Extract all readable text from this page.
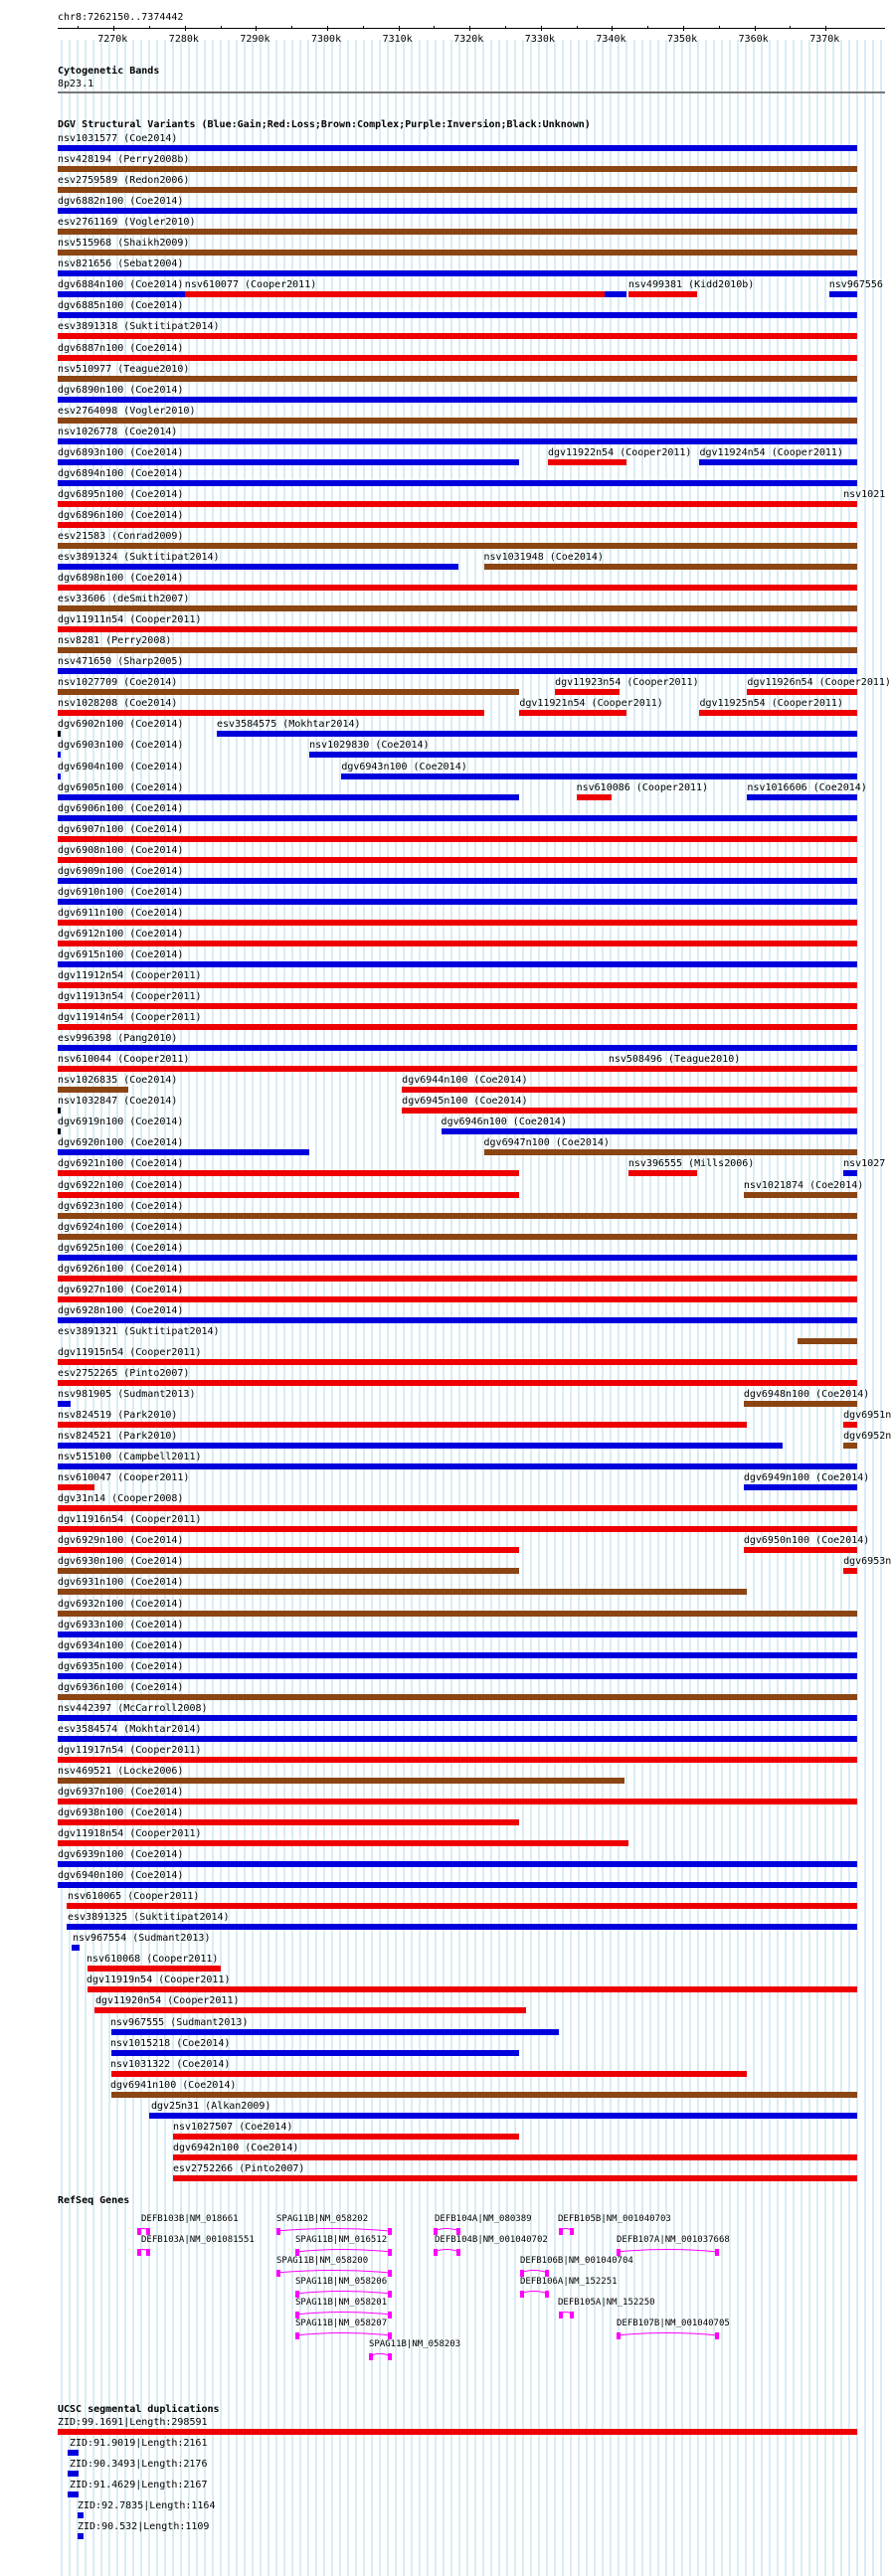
chr8:7262150..7374442
7270k	7280k	7290k	7300k	7310k	7320k	7330k	7340k	7350k	7360k	7370k
Cytogenetic Bands
8p23.1
DGV Structural Variants (Blue:Gain;Red:Loss;Brown:Complex;Purple:Inversion;Black:Unknown)
nsv1031577 (Coe2014)
nsv428194 (Perry2008b)
esv2759589 (Redon2006)
dgv6882n100 (Coe2014)
esv2761169 (Vogler2010)
nsv515968 (Shaikh2009)
nsv821656 (Sebat2004)
dgv6884n100 (Coe2014) nsv610077 (Cooper2011)	nsv499381 (Kidd2010b)	nsv967556
dgv6885n100 (Coe2014)
esv3891318 (Suktitipat2014)
dgv6887n100 (Coe2014)
nsv510977 (Teague2010)
dgv6890n100 (Coe2014)
esv2764098 (Vogler2010)
nsv1026778 (Coe2014)
dgv6893n100 (Coe2014)	dgv11922n54 (Cooper2011) dgv11924n54 (Cooper2011)
dgv6894n100 (Coe2014)
dgv6895n100 (Coe2014)	nsv1021
dgv6896n100 (Coe2014)
esv21583 (Conrad2009)
esv3891324 (Suktitipat2014)	nsv1031948 (Coe2014)
dgv6898n100 (Coe2014)
esv33606 (deSmith2007)
dgv11911n54 (Cooper2011)
nsv8281 (Perry2008)
nsv471650 (Sharp2005)
nsv1027709 (Coe2014)	dgv11923n54 (Cooper2011)	dgv11926n54 (Cooper2011)
nsv1028208 (Coe2014)	dgv11921n54 (Cooper2011)	dgv11925n54 (Cooper2011)
dgv6902n100 (Coe2014)	esv3584575 (Mokhtar2014)
dgv6903n100 (Coe2014)	nsv1029830 (Coe2014)
dgv6904n100 (Coe2014)	dgv6943n100 (Coe2014)
dgv6905n100 (Coe2014)	nsv610086 (Cooper2011)	nsv1016606 (Coe2014)
dgv6906n100 (Coe2014)
dgv6907n100 (Coe2014)
dgv6908n100 (Coe2014)
dgv6909n100 (Coe2014)
dgv6910n100 (Coe2014)
dgv6911n100 (Coe2014)
dgv6912n100 (Coe2014)
dgv6915n100 (Coe2014)
dgv11912n54 (Cooper2011)
dgv11913n54 (Cooper2011)
dgv11914n54 (Cooper2011)
esv996398 (Pang2010)
nsv610044 (Cooper2011)	nsv508496 (Teague2010)
nsv1026835 (Coe2014)	dgv6944n100 (Coe2014)
nsv1032847 (Coe2014)	dgv6945n100 (Coe2014)
dgv6919n100 (Coe2014)	dgv6946n100 (Coe2014)
dgv6920n100 (Coe2014)	dgv6947n100 (Coe2014)
dgv6921n100 (Coe2014)	nsv396555 (Mills2006)	nsv1027
dgv6922n100 (Coe2014)	nsv1021874 (Coe2014)
dgv6923n100 (Coe2014)
dgv6924n100 (Coe2014)
dgv6925n100 (Coe2014)
dgv6926n100 (Coe2014)
dgv6927n100 (Coe2014)
dgv6928n100 (Coe2014)
esv3891321 (Suktitipat2014)
dgv11915n54 (Cooper2011)
esv2752265 (Pinto2007)
nsv981905 (Sudmant2013)	dgv6948n100 (Coe2014)
nsv824519 (Park2010)	dgv6951n
nsv824521 (Park2010)	dgv6952n
nsv515100 (Campbell2011)
nsv610047 (Cooper2011)	dgv6949n100 (Coe2014)
dgv31n14 (Cooper2008)
dgv11916n54 (Cooper2011)
dgv6929n100 (Coe2014)	dgv6950n100 (Coe2014)
dgv6930n100 (Coe2014)	dgv6953n
dgv6931n100 (Coe2014)
dgv6932n100 (Coe2014)
dgv6933n100 (Coe2014)
dgv6934n100 (Coe2014)
dgv6935n100 (Coe2014)
dgv6936n100 (Coe2014)
nsv442397 (McCarroll2008)
esv3584574 (Mokhtar2014)
dgv11917n54 (Cooper2011)
nsv469521 (Locke2006)
dgv6937n100 (Coe2014)
dgv6938n100 (Coe2014)
dgv11918n54 (Cooper2011)
dgv6939n100 (Coe2014)
dgv6940n100 (Coe2014)
nsv610065 (Cooper2011)
esv3891325 (Suktitipat2014)
nsv967554 (Sudmant2013)
nsv610068 (Cooper2011)
dgv11919n54 (Cooper2011)
dgv11920n54 (Cooper2011)
nsv967555 (Sudmant2013)
nsv1015218 (Coe2014)
nsv1031322 (Coe2014)
dgv6941n100 (Coe2014)
dgv25n31 (Alkan2009)
nsv1027507 (Coe2014)
dgv6942n100 (Coe2014)
esv2752266 (Pinto2007)
RefSeq Genes
DEFB103B|NM_018661	SPAG11B|NM_058202	DEFB104A|NM_080389	DEFB105B|NM_001040703
DEFB103A|NM_001081551	SPAG11B|NM_016512	DEFB104B|NM_001040702	DEFB107A|NM_001037668
SPAG11B|NM_058200	DEFB106B|NM_001040704
SPAG11B|NM_058206	DEFB106A|NM_152251
SPAG11B|NM_058201	DEFB105A|NM_152250
SPAG11B|NM_058207	DEFB107B|NM_001040705
SPAG11B|NM_058203
UCSC segmental duplications
ZID:99.1691|Length:298591
ZID:91.9019|Length:2161
ZID:90.3493|Length:2176
ZID:91.4629|Length:2167
ZID:92.7835|Length:1164
ZID:90.532|Length:1109
